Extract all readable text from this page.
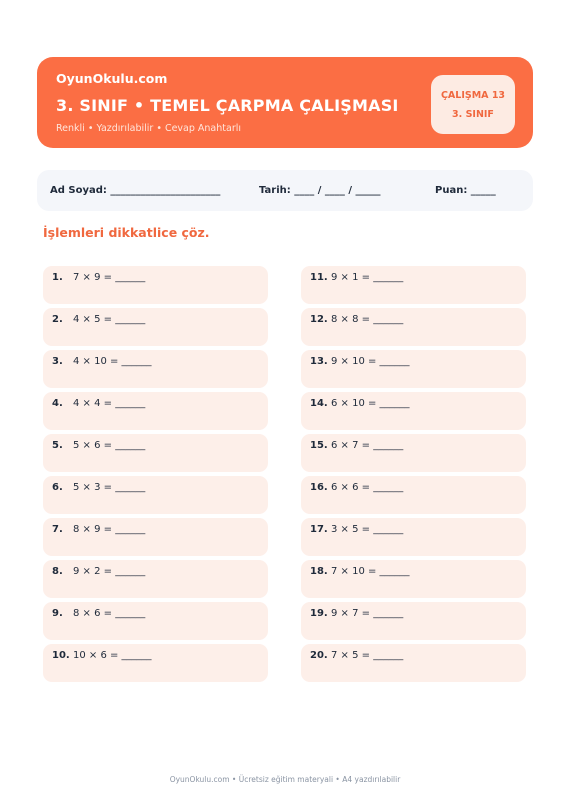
OyunOkulu.com
3. SINIF • TEMEL ÇARPMA ÇALIŞMASI
Renkli • Yazdırılabilir • Cevap Anahtarlı
ÇALIŞMA 13
3. SINIF
Ad Soyad: ______________________	Tarih: ____ / ____ / _____	Puan: _____
İşlemleri dikkatlice çöz.
1. 7 × 9 = ______
2. 4 × 5 = ______
3. 4 × 10 = ______
4. 4 × 4 = ______
5. 5 × 6 = ______
6. 5 × 3 = ______
7. 8 × 9 = ______
8. 9 × 2 = ______
9. 8 × 6 = ______
10. 10 × 6 = ______
11. 9 × 1 = ______
12. 8 × 8 = ______
13. 9 × 10 = ______
14. 6 × 10 = ______
15. 6 × 7 = ______
16. 6 × 6 = ______
17. 3 × 5 = ______
18. 7 × 10 = ______
19. 9 × 7 = ______
20. 7 × 5 = ______
OyunOkulu.com • Ücretsiz eğitim materyali • A4 yazdırılabilir
